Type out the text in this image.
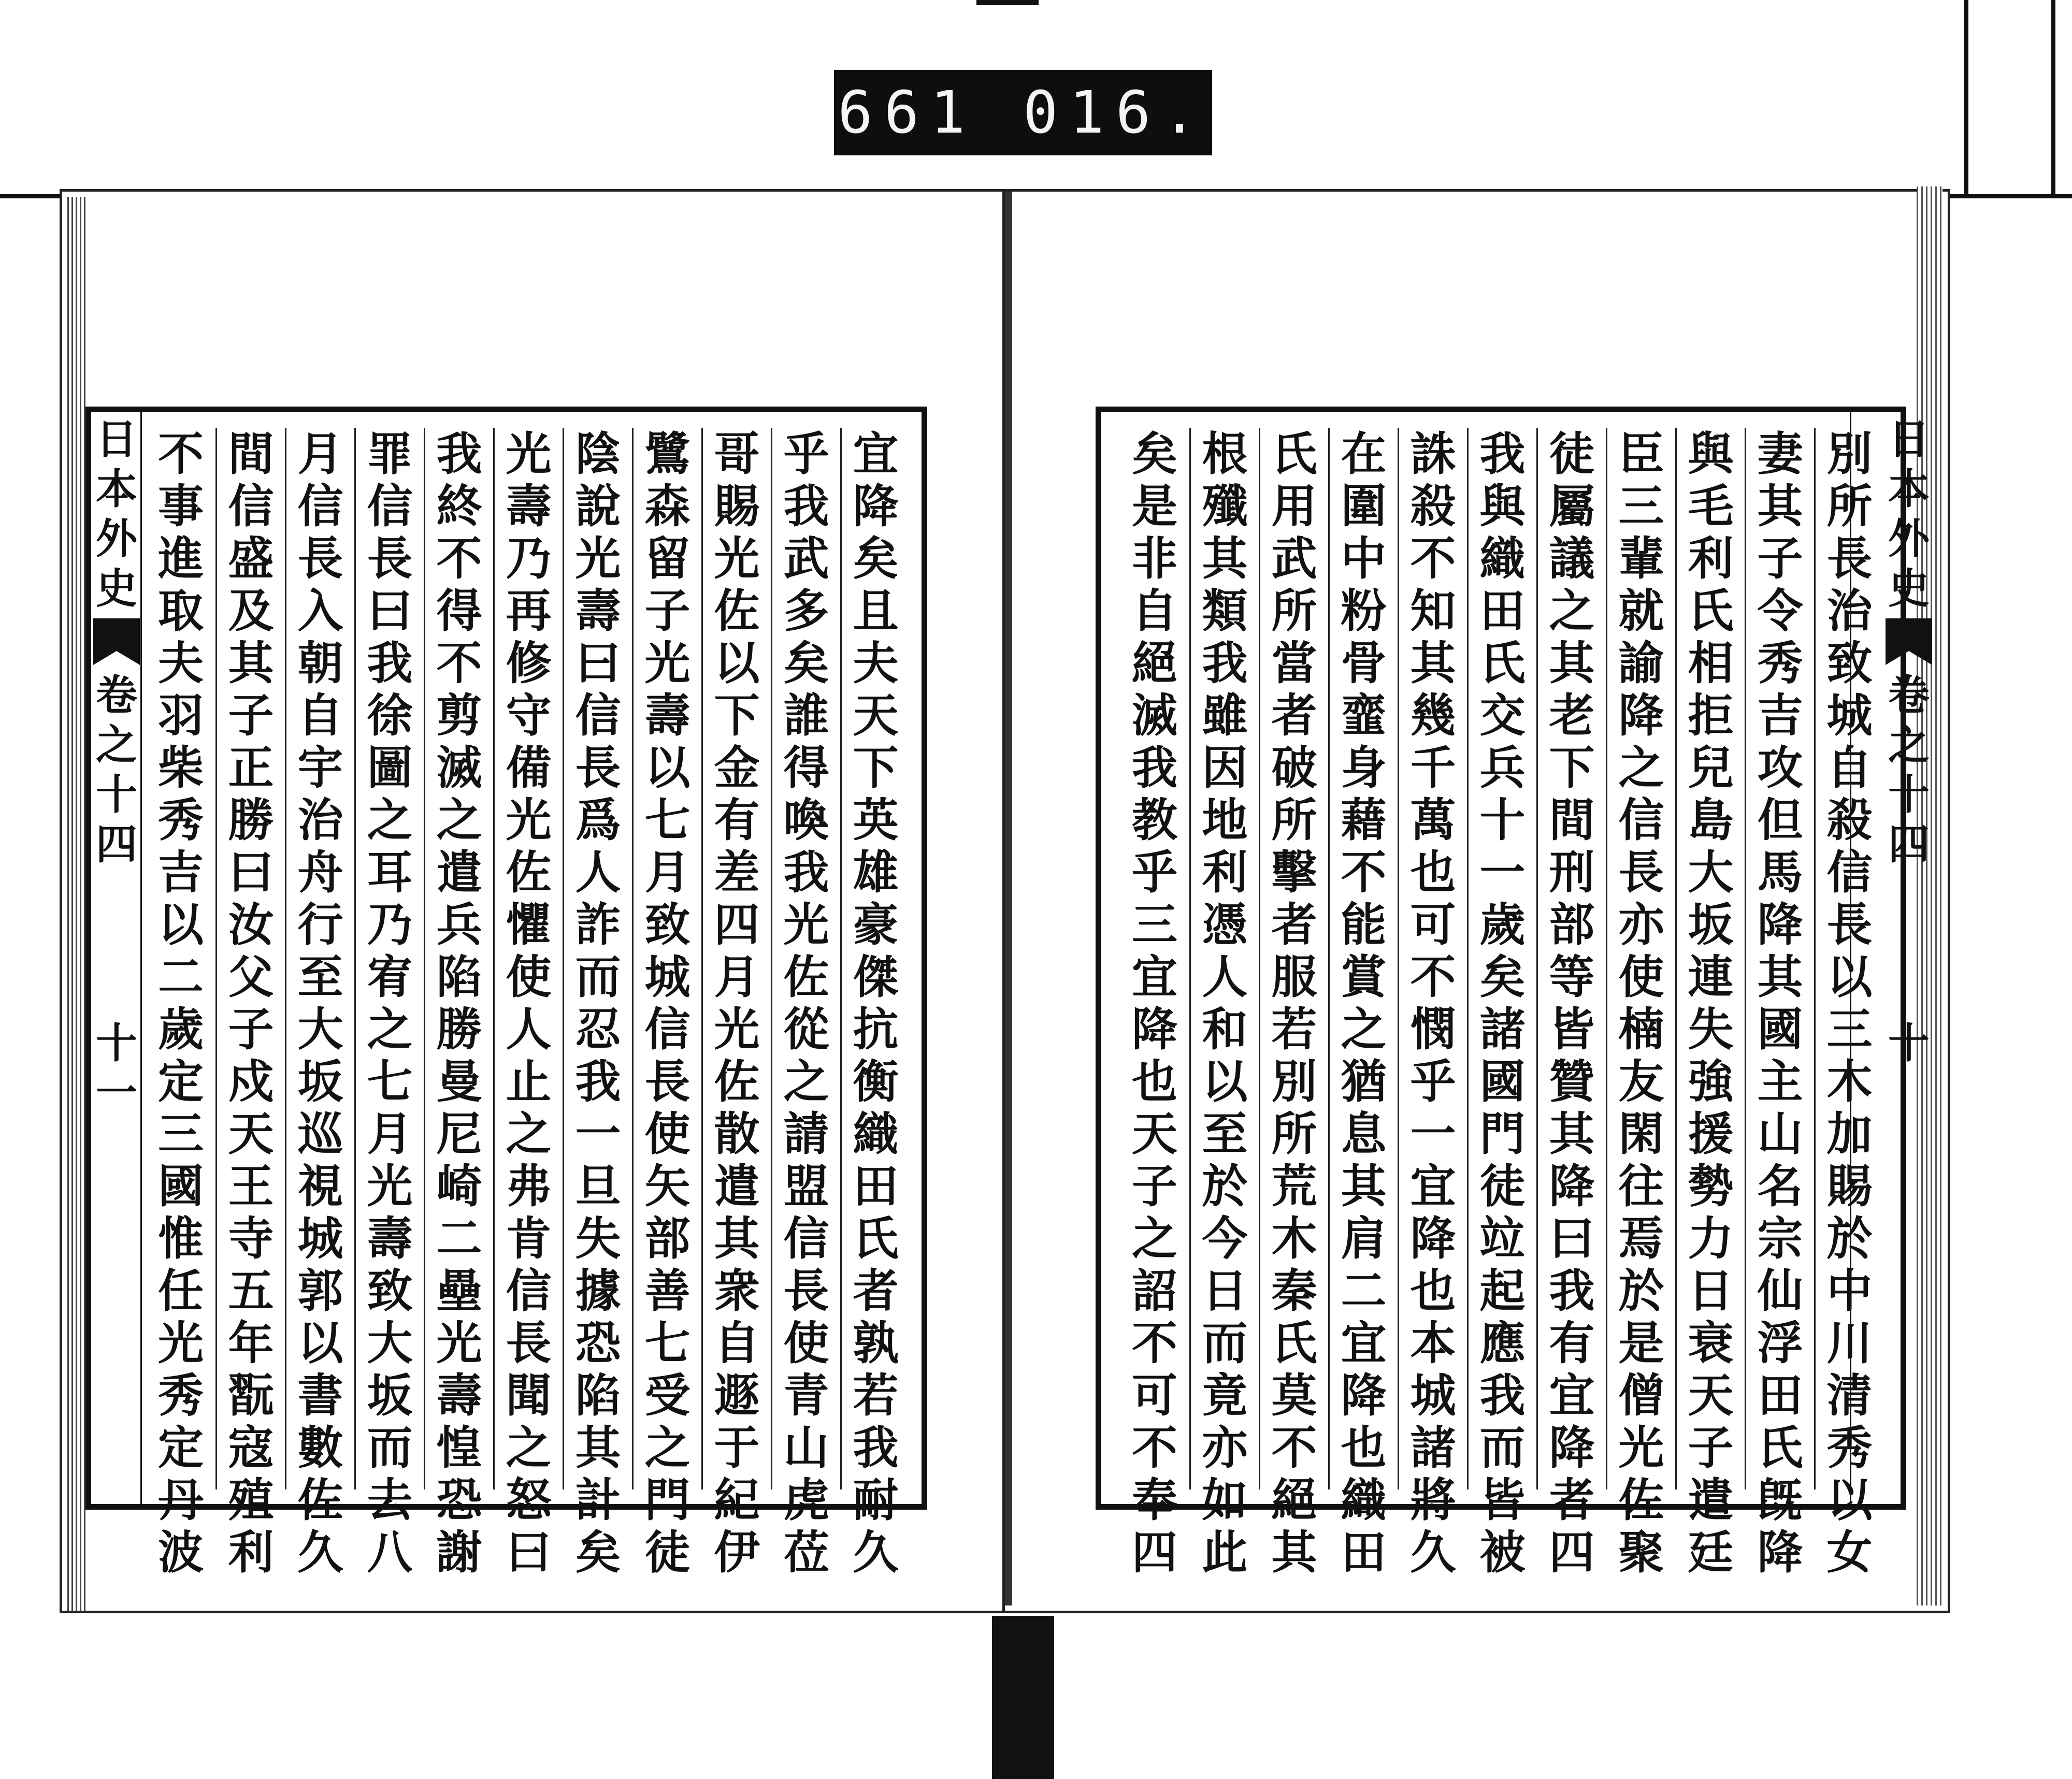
661 016.
宜
降
矣
且
夫
天
下
英
雄
豪
傑
抗
衡
織
田
氏
者
孰
若
我
耐
久
乎
我
武
多
矣
誰
得
喚
我
光
佐
從
之
請
盟
信
長
使
青
山
虎
莅
哥
賜
光
佐
以
下
金
有
差
四
月
光
佐
散
遣
其
衆
自
遯
于
紀
伊
鷺
森
留
子
光
壽
以
七
月
致
城
信
長
使
矢
部
善
七
受
之
門
徒
陰
說
光
壽
曰
信
長
爲
人
詐
而
忍
我
一
旦
失
據
恐
陷
其
計
矣
光
壽
乃
再
修
守
備
光
佐
懼
使
人
止
之
弗
肯
信
長
聞
之
怒
曰
我
終
不
得
不
剪
滅
之
遣
兵
陷
勝
曼
尼
崎
二
壘
光
壽
惶
恐
謝
罪
信
長
曰
我
徐
圖
之
耳
乃
宥
之
七
月
光
壽
致
大
坂
而
去
八
月
信
長
入
朝
自
宇
治
舟
行
至
大
坂
巡
視
城
郭
以
書
數
佐
久
間
信
盛
及
其
子
正
勝
曰
汝
父
子
戍
天
王
寺
五
年
翫
寇
殖
利
不
事
進
取
夫
羽
柴
秀
吉
以
二
歲
定
三
國
惟
任
光
秀
定
丹
波
日
本
外
史
卷
之
十
四
十
一
別
所
長
治
致
城
自
殺
信
長
以
三
木
加
賜
於
中
川
清
秀
以
女
妻
其
子
令
秀
吉
攻
但
馬
降
其
國
主
山
名
宗
仙
浮
田
氏
旣
降
與
毛
利
氏
相
拒
兒
島
大
坂
連
失
強
援
勢
力
日
衰
天
子
遣
廷
臣
三
輩
就
諭
降
之
信
長
亦
使
楠
友
閑
往
焉
於
是
僧
光
佐
聚
徒
屬
議
之
其
老
下
間
刑
部
等
皆
贊
其
降
曰
我
有
宜
降
者
四
我
與
織
田
氏
交
兵
十
一
歲
矣
諸
國
門
徒
竝
起
應
我
而
皆
被
誅
殺
不
知
其
幾
千
萬
也
可
不
憫
乎
一
宜
降
也
本
城
諸
將
久
在
圍
中
粉
骨
韲
身
藉
不
能
賞
之
猶
息
其
肩
二
宜
降
也
織
田
氏
用
武
所
當
者
破
所
擊
者
服
若
別
所
荒
木
秦
氏
莫
不
絕
其
根
殲
其
類
我
雖
因
地
利
憑
人
和
以
至
於
今
日
而
竟
亦
如
此
矣
是
非
自
絕
滅
我
教
乎
三
宜
降
也
天
子
之
詔
不
可
不
奉
四
日
本
外
史
卷
之
十
四
十
